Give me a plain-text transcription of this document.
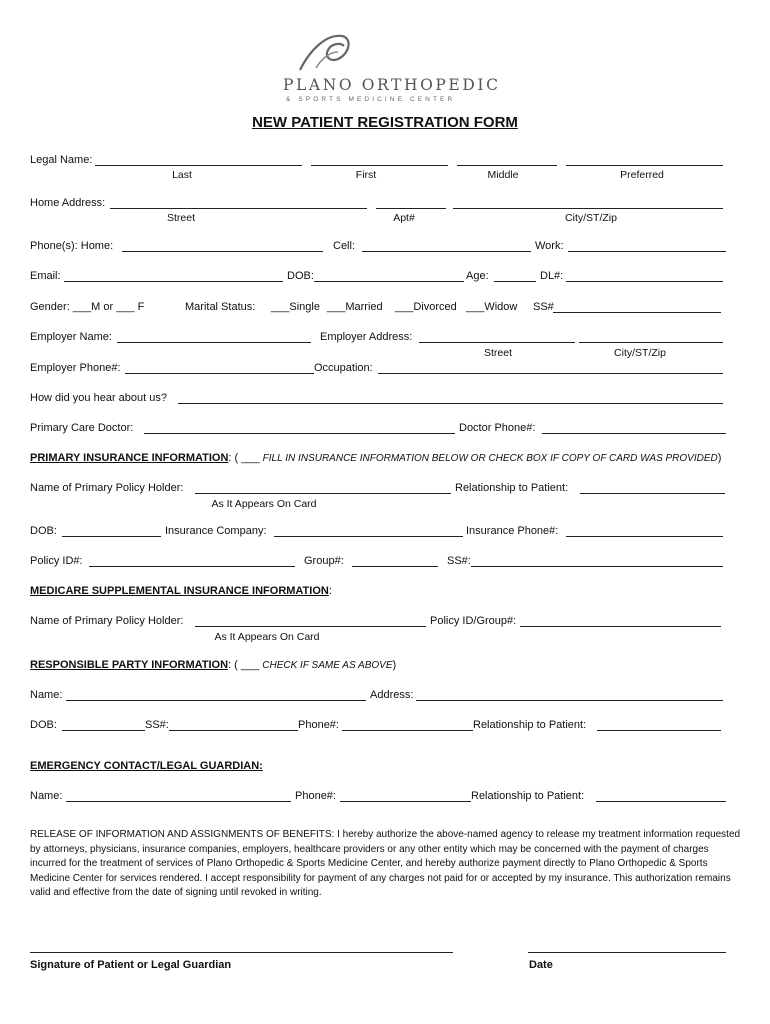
PLANO ORTHOPEDIC
& SPORTS MEDICINE CENTER
NEW PATIENT REGISTRATION FORM
Legal Name:
Last	First	Middle	Preferred
Home Address:
Street	Apt#	City/ST/Zip
Phone(s): Home:	Cell:	Work:
Email:	DOB:	Age:	DL#:
Gender: ___M or ___ F	Marital Status: ___Single ___Married ___Divorced ___Widow SS#
Employer Name:	Employer Address:
Street	City/ST/Zip
Employer Phone#:	Occupation:
How did you hear about us?
Primary Care Doctor:	Doctor Phone#:
PRIMARY INSURANCE INFORMATION: ( ___ FILL IN INSURANCE INFORMATION BELOW OR CHECK BOX IF COPY OF CARD WAS PROVIDED)
Name of Primary Policy Holder:	Relationship to Patient:
As It Appears On Card
DOB:	Insurance Company:	Insurance Phone#:
Policy ID#:	Group#:	SS#:
MEDICARE SUPPLEMENTAL INSURANCE INFORMATION:
Name of Primary Policy Holder:	Policy ID/Group#:
As It Appears On Card
RESPONSIBLE PARTY INFORMATION: ( ___ CHECK IF SAME AS ABOVE)
Name:	Address:
DOB:	SS#:	Phone#:	Relationship to Patient:
EMERGENCY CONTACT/LEGAL GUARDIAN:
Name:	Phone#:	Relationship to Patient:
RELEASE OF INFORMATION AND ASSIGNMENTS OF BENEFITS: I hereby authorize the above-named agency to release my treatment information requested by attorneys, physicians, insurance companies, employers, healthcare providers or any other entity which may be concerned with the payment of charges incurred for the treatment of services of Plano Orthopedic & Sports Medicine Center, and hereby authorize payment directly to Plano Orthopedic & Sports Medicine Center for services rendered. I accept responsibility for payment of any charges not paid for or accepted by my insurance. This authorization remains valid and effective from the date of signing until revoked in writing.
Signature of Patient or Legal Guardian	Date
